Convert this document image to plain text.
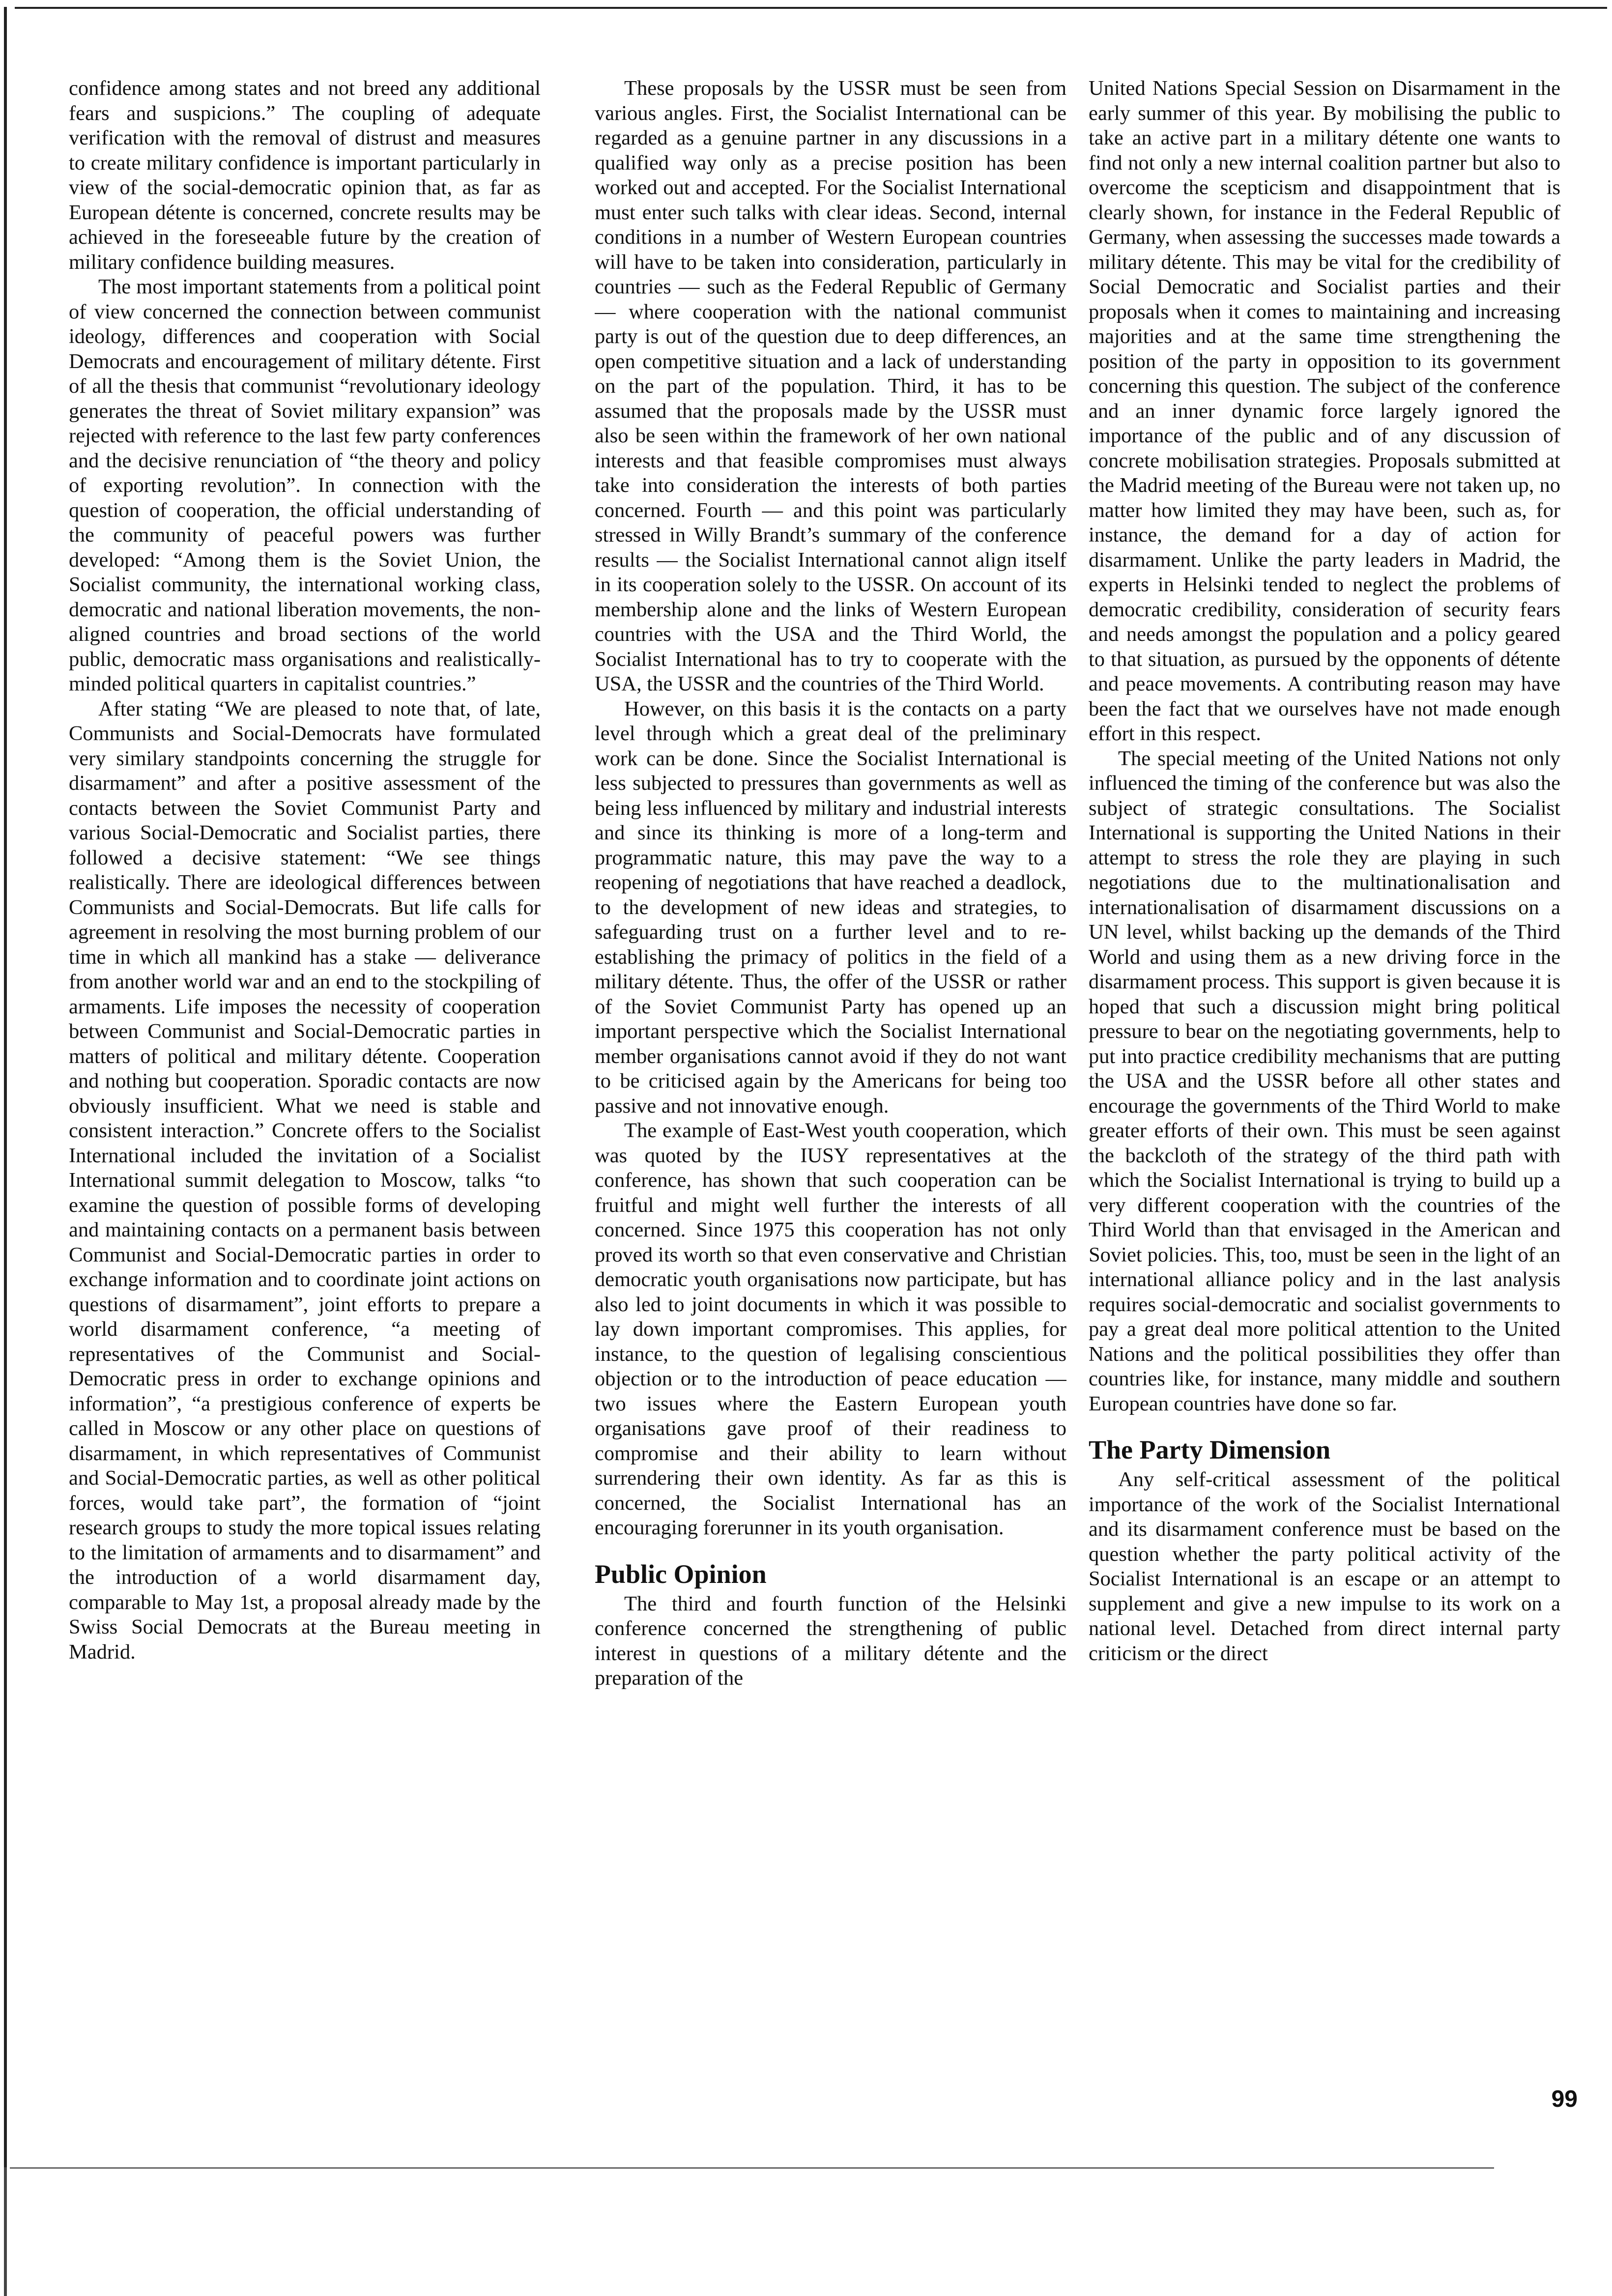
confidence among states and not breed any additional fears and suspicions.” The coupling of adequate verification with the removal of distrust and measures to create military confidence is important particularly in view of the social-democratic opinion that, as far as European détente is concerned, concrete results may be achieved in the foreseeable future by the creation of military confidence building measures.

The most important statements from a political point of view concerned the connection between communist ideology, differences and cooperation with Social Democrats and encouragement of military détente. First of all the thesis that communist “revolutionary ideology generates the threat of Soviet military expansion” was rejected with reference to the last few party conferences and the decisive renunciation of “the theory and policy of exporting revolution”. In connection with the question of cooperation, the official understanding of the community of peaceful powers was further developed: “Among them is the Soviet Union, the Socialist community, the international working class, democratic and national liberation movements, the non-aligned countries and broad sections of the world public, democratic mass organisations and realistically-minded political quarters in capitalist countries.”

After stating “We are pleased to note that, of late, Communists and Social-Democrats have formulated very similary standpoints concerning the struggle for disarmament” and after a positive assessment of the contacts between the Soviet Communist Party and various Social-Democratic and Socialist parties, there followed a decisive statement: “We see things realistically. There are ideological differences between Communists and Social-Democrats. But life calls for agreement in resolving the most burning problem of our time in which all mankind has a stake — deliverance from another world war and an end to the stockpiling of armaments. Life imposes the necessity of cooperation between Communist and Social-Democratic parties in matters of political and military détente. Cooperation and nothing but cooperation. Sporadic contacts are now obviously insufficient. What we need is stable and consistent interaction.” Concrete offers to the Socialist International included the invitation of a Socialist International summit delegation to Moscow, talks “to examine the question of possible forms of developing and maintaining contacts on a permanent basis between Communist and Social-Democratic parties in order to exchange information and to coordinate joint actions on questions of disarmament”, joint efforts to prepare a world disarmament conference, “a meeting of representatives of the Communist and Social-Democratic press in order to exchange opinions and information”, “a prestigious conference of experts be called in Moscow or any other place on questions of disarmament, in which representatives of Communist and Social-Democratic parties, as well as other political forces, would take part”, the formation of “joint research groups to study the more topical issues relating to the limitation of armaments and to disarmament” and the introduction of a world disarmament day, comparable to May 1st, a proposal already made by the Swiss Social Democrats at the Bureau meeting in Madrid.

These proposals by the USSR must be seen from various angles. First, the Socialist International can be regarded as a genuine partner in any discussions in a qualified way only as a precise position has been worked out and accepted. For the Socialist International must enter such talks with clear ideas. Second, internal conditions in a number of Western European countries will have to be taken into consideration, particularly in countries — such as the Federal Republic of Germany — where cooperation with the national communist party is out of the question due to deep differences, an open competitive situation and a lack of understanding on the part of the population. Third, it has to be assumed that the proposals made by the USSR must also be seen within the framework of her own national interests and that feasible compromises must always take into consideration the interests of both parties concerned. Fourth — and this point was particularly stressed in Willy Brandt’s summary of the conference results — the Socialist International cannot align itself in its cooperation solely to the USSR. On account of its membership alone and the links of Western European countries with the USA and the Third World, the Socialist International has to try to cooperate with the USA, the USSR and the countries of the Third World.

However, on this basis it is the contacts on a party level through which a great deal of the preliminary work can be done. Since the Socialist International is less subjected to pressures than governments as well as being less influenced by military and industrial interests and since its thinking is more of a long-term and programmatic nature, this may pave the way to a reopening of negotiations that have reached a deadlock, to the development of new ideas and strategies, to safeguarding trust on a further level and to re-establishing the primacy of politics in the field of a military détente. Thus, the offer of the USSR or rather of the Soviet Communist Party has opened up an important perspective which the Socialist International member organisations cannot avoid if they do not want to be criticised again by the Americans for being too passive and not innovative enough.

The example of East-West youth cooperation, which was quoted by the IUSY representatives at the conference, has shown that such cooperation can be fruitful and might well further the interests of all concerned. Since 1975 this cooperation has not only proved its worth so that even conservative and Christian democratic youth organisations now participate, but has also led to joint documents in which it was possible to lay down important compromises. This applies, for instance, to the question of legalising conscientious objection or to the introduction of peace education — two issues where the Eastern European youth organisations gave proof of their readiness to compromise and their ability to learn without surrendering their own identity. As far as this is concerned, the Socialist International has an encouraging forerunner in its youth organisation.

Public Opinion

The third and fourth function of the Helsinki conference concerned the strengthening of public interest in questions of a military détente and the preparation of the

United Nations Special Session on Disarmament in the early summer of this year. By mobilising the public to take an active part in a military détente one wants to find not only a new internal coalition partner but also to overcome the scepticism and disappointment that is clearly shown, for instance in the Federal Republic of Germany, when assessing the successes made towards a military détente. This may be vital for the credibility of Social Democratic and Socialist parties and their proposals when it comes to maintaining and increasing majorities and at the same time strengthening the position of the party in opposition to its government concerning this question. The subject of the conference and an inner dynamic force largely ignored the importance of the public and of any discussion of concrete mobilisation strategies. Proposals submitted at the Madrid meeting of the Bureau were not taken up, no matter how limited they may have been, such as, for instance, the demand for a day of action for disarmament. Unlike the party leaders in Madrid, the experts in Helsinki tended to neglect the problems of democratic credibility, consideration of security fears and needs amongst the population and a policy geared to that situation, as pursued by the opponents of détente and peace movements. A contributing reason may have been the fact that we ourselves have not made enough effort in this respect.

The special meeting of the United Nations not only influenced the timing of the conference but was also the subject of strategic consultations. The Socialist International is supporting the United Nations in their attempt to stress the role they are playing in such negotiations due to the multinationalisation and internationalisation of disarmament discussions on a UN level, whilst backing up the demands of the Third World and using them as a new driving force in the disarmament process. This support is given because it is hoped that such a discussion might bring political pressure to bear on the negotiating governments, help to put into practice credibility mechanisms that are putting the USA and the USSR before all other states and encourage the governments of the Third World to make greater efforts of their own. This must be seen against the backcloth of the strategy of the third path with which the Socialist International is trying to build up a very different cooperation with the countries of the Third World than that envisaged in the American and Soviet policies. This, too, must be seen in the light of an international alliance policy and in the last analysis requires social-democratic and socialist governments to pay a great deal more political attention to the United Nations and the political possibilities they offer than countries like, for instance, many middle and southern European countries have done so far.

The Party Dimension

Any self-critical assessment of the political importance of the work of the Socialist International and its disarmament conference must be based on the question whether the party political activity of the Socialist International is an escape or an attempt to supplement and give a new impulse to its work on a national level. Detached from direct internal party criticism or the direct

99
